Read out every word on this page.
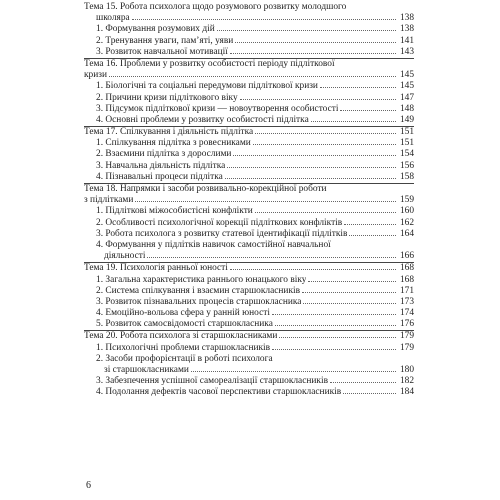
Тема 15. Робота психолога щодо розумового розвитку молодшого
школяра	138
1. Формування розумових дій	138
2. Тренування уваги, пам’яті, уяви	141
3. Розвиток навчальної мотивації	143
Тема 16. Проблеми у розвитку особистості періоду підліткової
кризи	145
1. Біологічні та соціальні передумови підліткової кризи	145
2. Причини кризи підліткового віку	147
3. Підсумок підліткової кризи — новоутворення особистості	148
4. Основні проблеми у розвитку особистості підлітка	149
Тема 17. Спілкування і діяльність підлітка	151
1. Спілкування підлітка з ровесниками	151
2. Взаємини підлітка з дорослими	154
3. Навчальна діяльність підлітка	156
4. Пізнавальні процеси підлітка	158
Тема 18. Напрямки і засоби розвивально-корекційної роботи
з підлітками	159
1. Підліткові міжособистісні конфлікти	160
2. Особливості психологічної корекції підліткових конфліктів	162
3. Робота психолога з розвитку статевої ідентифікації підлітків	164
4. Формування у підлітків навичок самостійної навчальної
діяльності	166
Тема 19. Психологія ранньої юності	168
1. Загальна характеристика раннього юнацького віку	168
2. Система спілкування і взаємин старшокласників	171
3. Розвиток пізнавальних процесів старшокласника	173
4. Емоційно-вольова сфера у ранній юності	174
5. Розвиток самосвідомості старшокласника	176
Тема 20. Робота психолога зі старшокласниками	179
1. Психологічні проблеми старшокласників	179
2. Засоби профорієнтації в роботі психолога
зі старшокласниками	180
3. Забезпечення успішної самореалізації старшокласників	182
4. Подолання дефектів часової перспективи старшокласників	184
6
